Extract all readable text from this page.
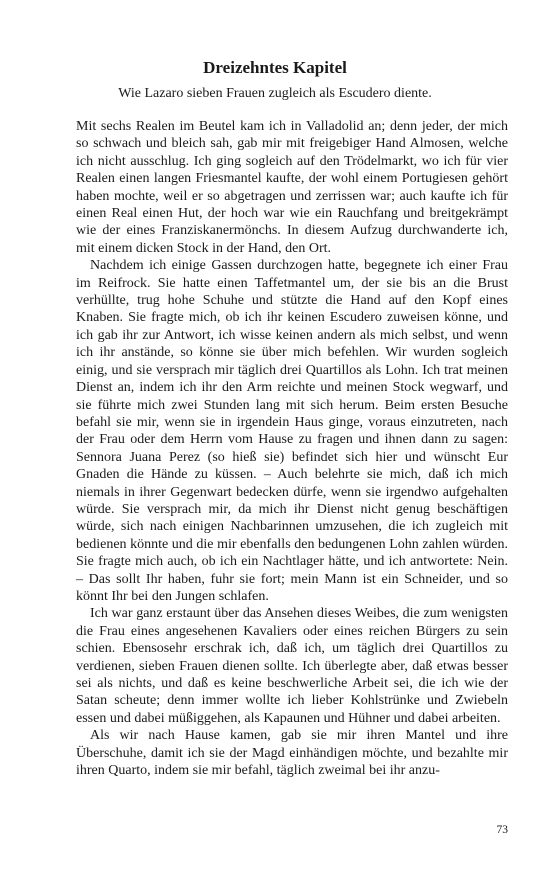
Dreizehntes Kapitel
Wie Lazaro sieben Frauen zugleich als Escudero diente.

Mit sechs Realen im Beutel kam ich in Valladolid an; denn jeder, der mich so schwach und bleich sah, gab mir mit freigebiger Hand Almosen, welche ich nicht ausschlug. Ich ging sogleich auf den Trödelmarkt, wo ich für vier Realen einen langen Friesmantel kaufte, der wohl einem Portugiesen gehört haben mochte, weil er so abgetragen und zerrissen war; auch kaufte ich für einen Real einen Hut, der hoch war wie ein Rauchfang und breitgekrämpt wie der eines Franziskanermönchs. In diesem Aufzug durchwanderte ich, mit einem dicken Stock in der Hand, den Ort.

Nachdem ich einige Gassen durchzogen hatte, begegnete ich einer Frau im Reifrock. Sie hatte einen Taffetmantel um, der sie bis an die Brust verhüllte, trug hohe Schuhe und stützte die Hand auf den Kopf eines Knaben. Sie fragte mich, ob ich ihr keinen Escudero zuweisen könne, und ich gab ihr zur Antwort, ich wisse keinen andern als mich selbst, und wenn ich ihr anstände, so könne sie über mich befehlen. Wir wurden sogleich einig, und sie versprach mir täglich drei Quartillos als Lohn. Ich trat meinen Dienst an, indem ich ihr den Arm reichte und meinen Stock wegwarf, und sie führte mich zwei Stunden lang mit sich herum. Beim ersten Besuche befahl sie mir, wenn sie in irgendein Haus ginge, voraus einzutreten, nach der Frau oder dem Herrn vom Hause zu fragen und ihnen dann zu sagen: Sennora Juana Perez (so hieß sie) befindet sich hier und wünscht Eur Gnaden die Hände zu küssen. – Auch belehrte sie mich, daß ich mich niemals in ihrer Gegenwart bedecken dürfe, wenn sie irgendwo aufgehalten würde. Sie versprach mir, da mich ihr Dienst nicht genug beschäftigen würde, sich nach einigen Nachbarinnen umzusehen, die ich zugleich mit bedienen könnte und die mir ebenfalls den bedungenen Lohn zahlen würden. Sie fragte mich auch, ob ich ein Nachtlager hätte, und ich antwortete: Nein. – Das sollt Ihr haben, fuhr sie fort; mein Mann ist ein Schneider, und so könnt Ihr bei den Jungen schlafen.

Ich war ganz erstaunt über das Ansehen dieses Weibes, die zum wenigsten die Frau eines angesehenen Kavaliers oder eines reichen Bürgers zu sein schien. Ebensosehr erschrak ich, daß ich, um täglich drei Quartillos zu verdienen, sieben Frauen dienen sollte. Ich überlegte aber, daß etwas besser sei als nichts, und daß es keine beschwerliche Arbeit sei, die ich wie der Satan scheute; denn immer wollte ich lieber Kohlstrünke und Zwiebeln essen und dabei müßiggehen, als Kapaunen und Hühner und dabei arbeiten.

Als wir nach Hause kamen, gab sie mir ihren Mantel und ihre Überschuhe, damit ich sie der Magd einhändigen möchte, und bezahlte mir ihren Quarto, indem sie mir befahl, täglich zweimal bei ihr anzu-

73
